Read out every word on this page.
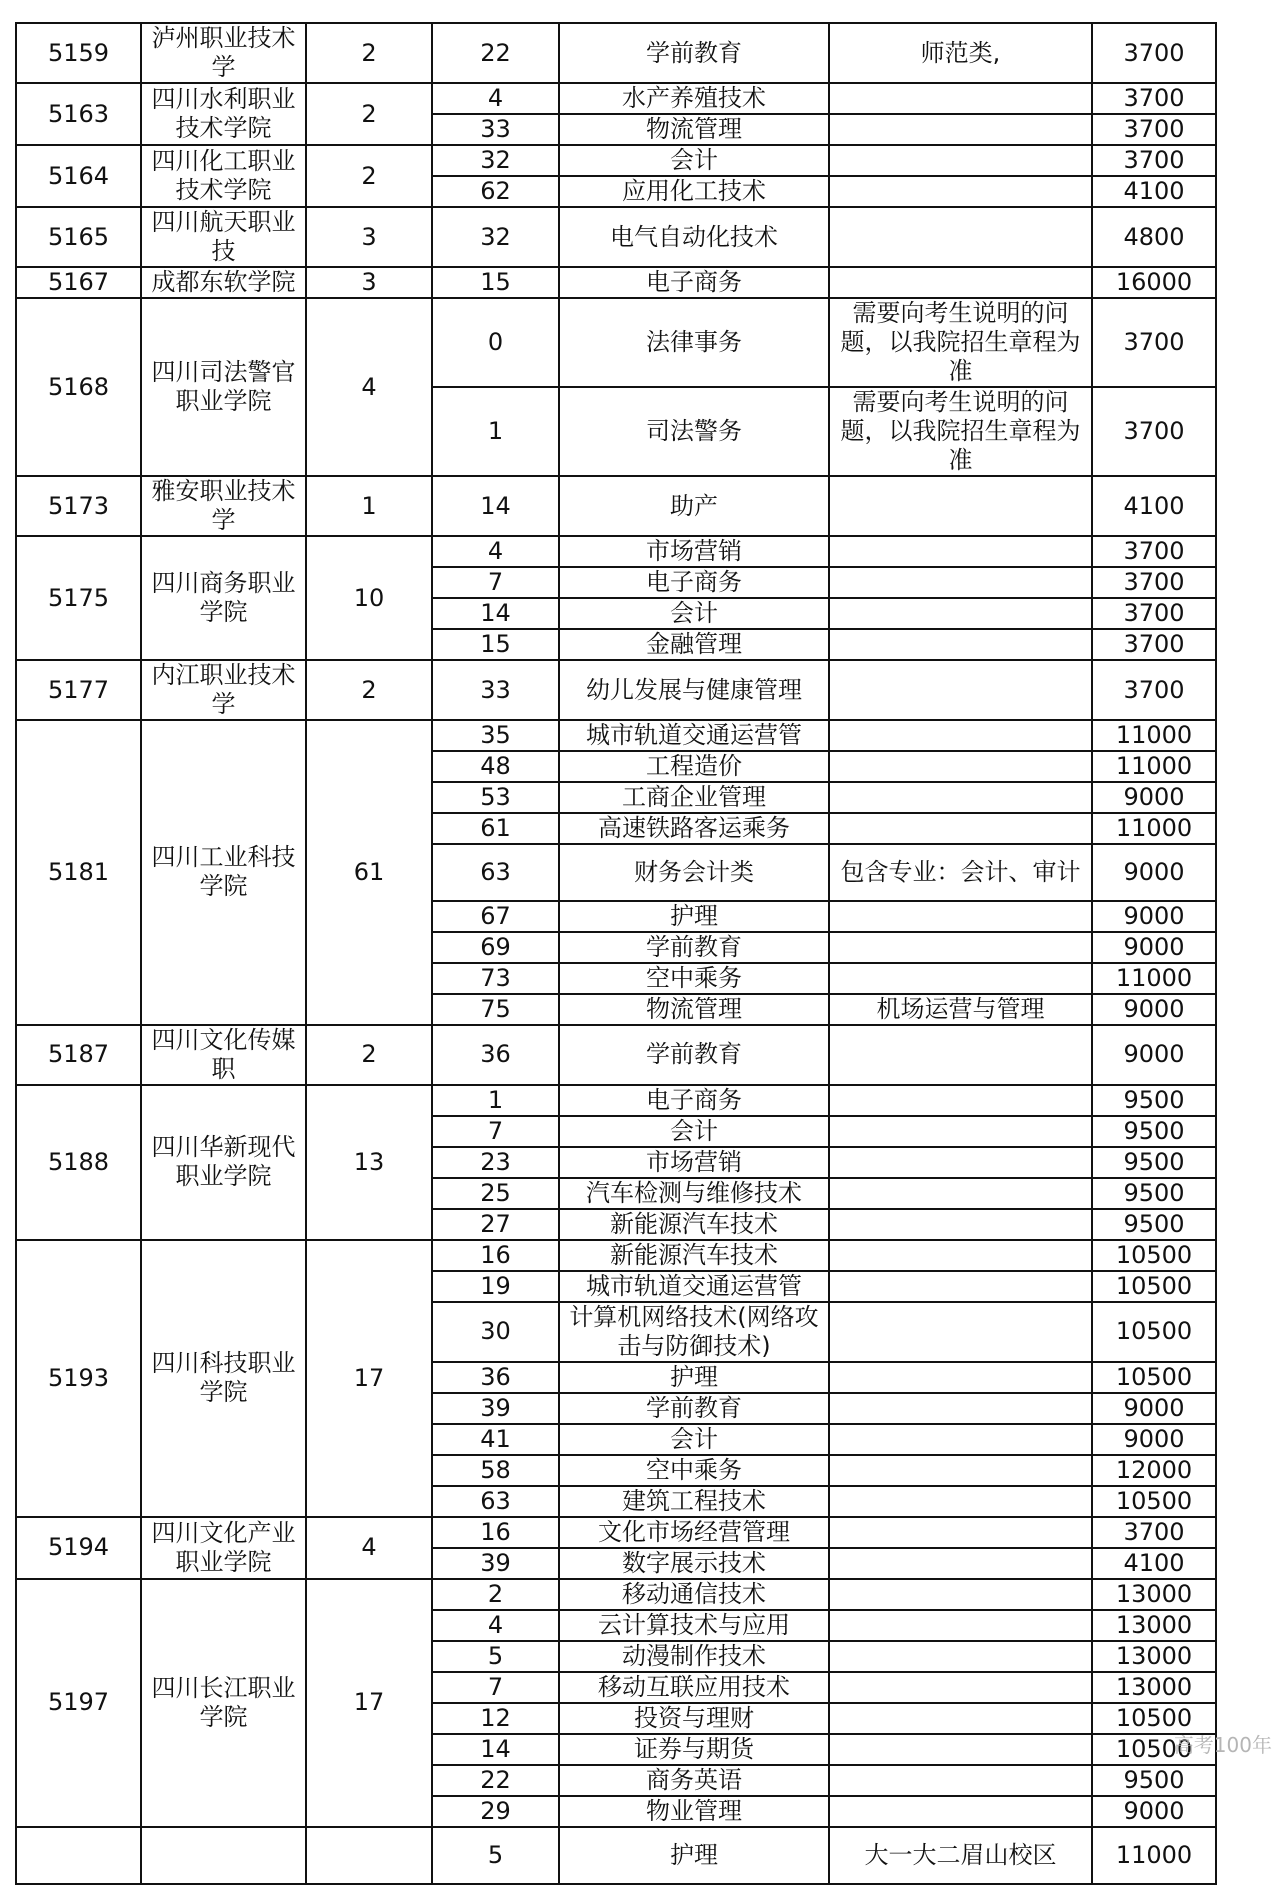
5159	泸州职业技术学	2	22	学前教育	师范类,	3700
5163	四川水利职业技术学院	2	4	水产养殖技术		3700
			33	物流管理		3700
5164	四川化工职业技术学院	2	32	会计		3700
			62	应用化工技术		4100
5165	四川航天职业技	3	32	电气自动化技术		4800
5167	成都东软学院	3	15	电子商务		16000
5168	四川司法警官职业学院	4	0	法律事务	需要向考生说明的问题，以我院招生章程为准	3700
			1	司法警务	需要向考生说明的问题，以我院招生章程为准	3700
5173	雅安职业技术学	1	14	助产		4100
5175	四川商务职业学院	10	4	市场营销		3700
			7	电子商务		3700
			14	会计		3700
			15	金融管理		3700
5177	内江职业技术学	2	33	幼儿发展与健康管理		3700
5181	四川工业科技学院	61	35	城市轨道交通运营管		11000
			48	工程造价		11000
			53	工商企业管理		9000
			61	高速铁路客运乘务		11000
			63	财务会计类	包含专业：会计、审计	9000
			67	护理		9000
			69	学前教育		9000
			73	空中乘务		11000
			75	物流管理	机场运营与管理	9000
5187	四川文化传媒职	2	36	学前教育		9000
5188	四川华新现代职业学院	13	1	电子商务		9500
			7	会计		9500
			23	市场营销		9500
			25	汽车检测与维修技术		9500
			27	新能源汽车技术		9500
5193	四川科技职业学院	17	16	新能源汽车技术		10500
			19	城市轨道交通运营管		10500
			30	计算机网络技术(网络攻击与防御技术)		10500
			36	护理		10500
			39	学前教育		9000
			41	会计		9000
			58	空中乘务		12000
			63	建筑工程技术		10500
5194	四川文化产业职业学院	4	16	文化市场经营管理		3700
			39	数字展示技术		4100
5197	四川长江职业学院	17	2	移动通信技术		13000
			4	云计算技术与应用		13000
			5	动漫制作技术		13000
			7	移动互联应用技术		13000
			12	投资与理财		10500
			14	证券与期货		10500
			22	商务英语		9500
			29	物业管理		9000
			5	护理	大一大二眉山校区	11000
高考100年
